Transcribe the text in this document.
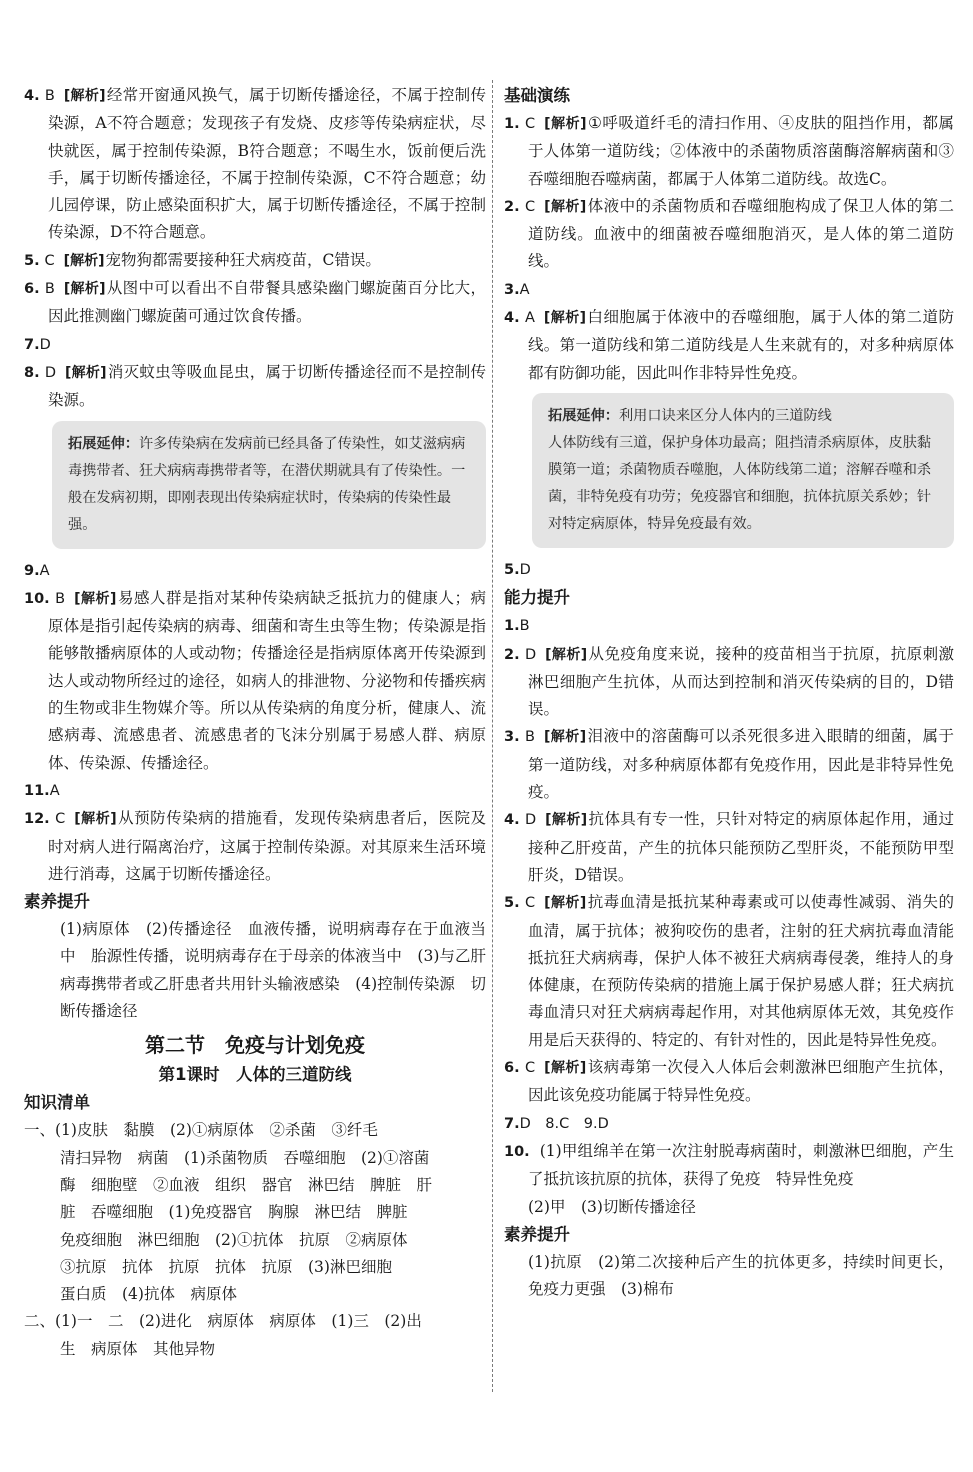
4. B [解析]经常开窗通风换气，属于切断传播途径，不属于控制传染源，A不符合题意；发现孩子有发烧、皮疹等传染病症状，尽快就医，属于控制传染源，B符合题意；不喝生水，饭前便后洗手，属于切断传播途径，不属于控制传染源，C不符合题意；幼儿园停课，防止感染面积扩大，属于切断传播途径，不属于控制传染源，D不符合题意。

5. C [解析]宠物狗都需要接种狂犬病疫苗，C错误。

6. B [解析]从图中可以看出不自带餐具感染幽门螺旋菌百分比大，因此推测幽门螺旋菌可通过饮食传播。

7.D

8. D [解析]消灭蚊虫等吸血昆虫，属于切断传播途径而不是控制传染源。

拓展延伸：许多传染病在发病前已经具备了传染性，如艾滋病病毒携带者、狂犬病病毒携带者等，在潜伏期就具有了传染性。一般在发病初期，即刚表现出传染病症状时，传染病的传染性最强。

9.A

10. B [解析]易感人群是指对某种传染病缺乏抵抗力的健康人；病原体是指引起传染病的病毒、细菌和寄生虫等生物；传染源是指能够散播病原体的人或动物；传播途径是指病原体离开传染源到达人或动物所经过的途径，如病人的排泄物、分泌物和传播疾病的生物或非生物媒介等。所以从传染病的角度分析，健康人、流感病毒、流感患者、流感患者的飞沫分别属于易感人群、病原体、传染源、传播途径。

11.A

12. C [解析]从预防传染病的措施看，发现传染病患者后，医院及时对病人进行隔离治疗，这属于控制传染源。对其原来生活环境进行消毒，这属于切断传播途径。

素养提升

(1)病原体　(2)传播途径　血液传播，说明病毒存在于血液当中　胎源性传播，说明病毒存在于母亲的体液当中　(3)与乙肝病毒携带者或乙肝患者共用针头输液感染　(4)控制传染源　切断传播途径

第二节　免疫与计划免疫

第1课时　人体的三道防线

知识清单

一、(1)皮肤　黏膜　(2)①病原体　②杀菌　③纤毛

清扫异物　病菌　(1)杀菌物质　吞噬细胞　(2)①溶菌

酶　细胞壁　②血液　组织　器官　淋巴结　脾脏　肝

脏　吞噬细胞　(1)免疫器官　胸腺　淋巴结　脾脏

免疫细胞　淋巴细胞　(2)①抗体　抗原　②病原体

③抗原　抗体　抗原　抗体　抗原　(3)淋巴细胞

蛋白质　(4)抗体　病原体

二、(1)一　二　(2)进化　病原体　病原体　(1)三　(2)出

生　病原体　其他异物

基础演练

1. C [解析]①呼吸道纤毛的清扫作用、④皮肤的阻挡作用，都属于人体第一道防线；②体液中的杀菌物质溶菌酶溶解病菌和③吞噬细胞吞噬病菌，都属于人体第二道防线。故选C。

2. C [解析]体液中的杀菌物质和吞噬细胞构成了保卫人体的第二道防线。血液中的细菌被吞噬细胞消灭，是人体的第二道防线。

3.A

4. A [解析]白细胞属于体液中的吞噬细胞，属于人体的第二道防线。第一道防线和第二道防线是人生来就有的，对多种病原体都有防御功能，因此叫作非特异性免疫。

拓展延伸：利用口诀来区分人体内的三道防线
人体防线有三道，保护身体功最高；阻挡清杀病原体，皮肤黏膜第一道；杀菌物质吞噬胞，人体防线第二道；溶解吞噬和杀菌，非特免疫有功劳；免疫器官和细胞，抗体抗原关系妙；针对特定病原体，特异免疫最有效。

5.D

能力提升

1.B

2. D [解析]从免疫角度来说，接种的疫苗相当于抗原，抗原刺激淋巴细胞产生抗体，从而达到控制和消灭传染病的目的，D错误。

3. B [解析]泪液中的溶菌酶可以杀死很多进入眼睛的细菌，属于第一道防线，对多种病原体都有免疫作用，因此是非特异性免疫。

4. D [解析]抗体具有专一性，只针对特定的病原体起作用，通过接种乙肝疫苗，产生的抗体只能预防乙型肝炎，不能预防甲型肝炎，D错误。

5. C [解析]抗毒血清是抵抗某种毒素或可以使毒性减弱、消失的血清，属于抗体；被狗咬伤的患者，注射的狂犬病抗毒血清能抵抗狂犬病病毒，保护人体不被狂犬病病毒侵袭，维持人的身体健康，在预防传染病的措施上属于保护易感人群；狂犬病抗毒血清只对狂犬病病毒起作用，对其他病原体无效，其免疫作用是后天获得的、特定的、有针对性的，因此是特异性免疫。

6. C [解析]该病毒第一次侵入人体后会刺激淋巴细胞产生抗体，因此该免疫功能属于特异性免疫。

7.D　8.C　9.D

10. (1)甲组绵羊在第一次注射脱毒病菌时，刺激淋巴细胞，产生了抵抗该抗原的抗体，获得了免疫　特异性免疫

(2)甲　(3)切断传播途径

素养提升

(1)抗原　(2)第二次接种后产生的抗体更多，持续时间更长，免疫力更强　(3)棉布
